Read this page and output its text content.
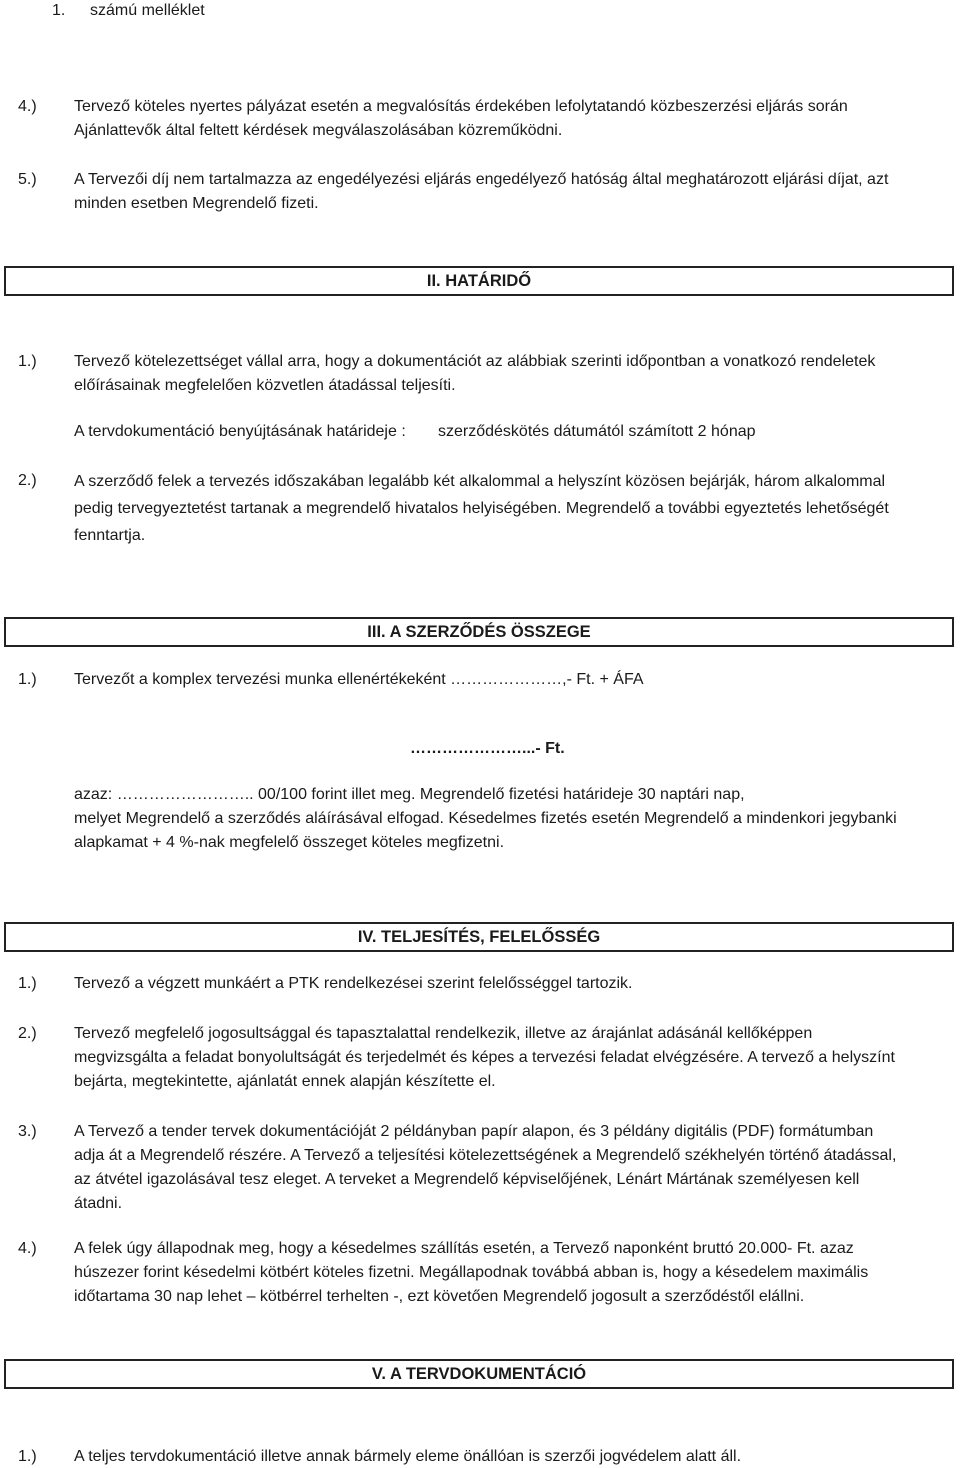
1. számú melléklet
4.) Tervező köteles nyertes pályázat esetén a megvalósítás érdekében lefolytatandó közbeszerzési eljárás során
Ajánlattevők által feltett kérdések megválaszolásában közreműködni.
5.) A Tervezői díj nem tartalmazza az engedélyezési eljárás engedélyező hatóság által meghatározott eljárási díjat, azt
minden esetben Megrendelő fizeti.
II. HATÁRIDŐ
1.) Tervező kötelezettséget vállal arra, hogy a dokumentációt az alábbiak szerinti időpontban a vonatkozó rendeletek
előírásainak megfelelően közvetlen átadással teljesíti.
A tervdokumentáció benyújtásának határideje : szerződéskötés dátumától számított 2 hónap
2.) A szerződő felek a tervezés időszakában legalább két alkalommal a helyszínt közösen bejárják, három alkalommal
pedig tervegyeztetést tartanak a megrendelő hivatalos helyiségében. Megrendelő a további egyeztetés lehetőségét
fenntartja.
III. A SZERZŐDÉS ÖSSZEGE
1.) Tervezőt a komplex tervezési munka ellenértékeként …………………,- Ft. + ÁFA
…………………...- Ft.
azaz: …………………….. 00/100 forint illet meg. Megrendelő fizetési határideje 30 naptári nap,
melyet Megrendelő a szerződés aláírásával elfogad. Késedelmes fizetés esetén Megrendelő a mindenkori jegybanki
alapkamat + 4 %-nak megfelelő összeget köteles megfizetni.
IV. TELJESÍTÉS, FELELŐSSÉG
1.) Tervező a végzett munkáért a PTK rendelkezései szerint felelősséggel tartozik.
2.) Tervező megfelelő jogosultsággal és tapasztalattal rendelkezik, illetve az árajánlat adásánál kellőképpen
megvizsgálta a feladat bonyolultságát és terjedelmét és képes a tervezési feladat elvégzésére. A tervező a helyszínt
bejárta, megtekintette, ajánlatát ennek alapján készítette el.
3.) A Tervező a tender tervek dokumentációját 2 példányban papír alapon, és 3 példány digitális (PDF) formátumban
adja át a Megrendelő részére. A Tervező a teljesítési kötelezettségének a Megrendelő székhelyén történő átadással,
az átvétel igazolásával tesz eleget. A terveket a Megrendelő képviselőjének, Lénárt Mártának személyesen kell
átadni.
4.) A felek úgy állapodnak meg, hogy a késedelmes szállítás esetén, a Tervező naponként bruttó 20.000- Ft. azaz
húszezer forint késedelmi kötbért köteles fizetni. Megállapodnak továbbá abban is, hogy a késedelem maximális
időtartama 30 nap lehet – kötbérrel terhelten -, ezt követően Megrendelő jogosult a szerződéstől elállni.
V. A TERVDOKUMENTÁCIÓ
1.) A teljes tervdokumentáció illetve annak bármely eleme önállóan is szerzői jogvédelem alatt áll.
